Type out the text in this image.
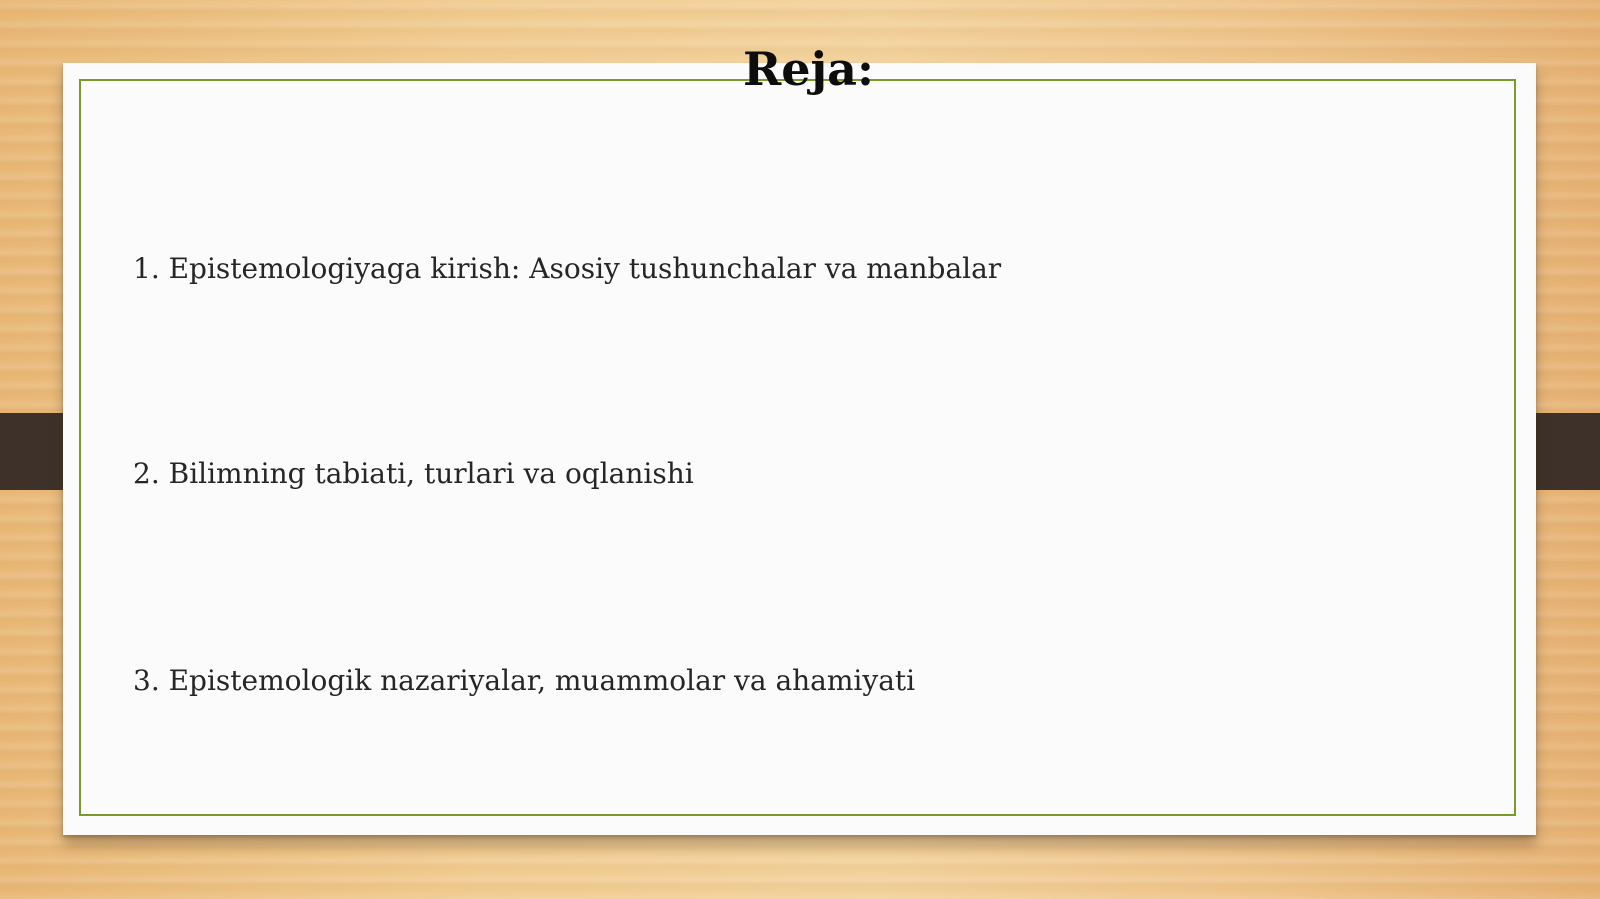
Reja:

1. Epistemologiyaga kirish: Asosiy tushunchalar va manbalar

2. Bilimning tabiati, turlari va oqlanishi

3. Epistemologik nazariyalar, muammolar va ahamiyati
